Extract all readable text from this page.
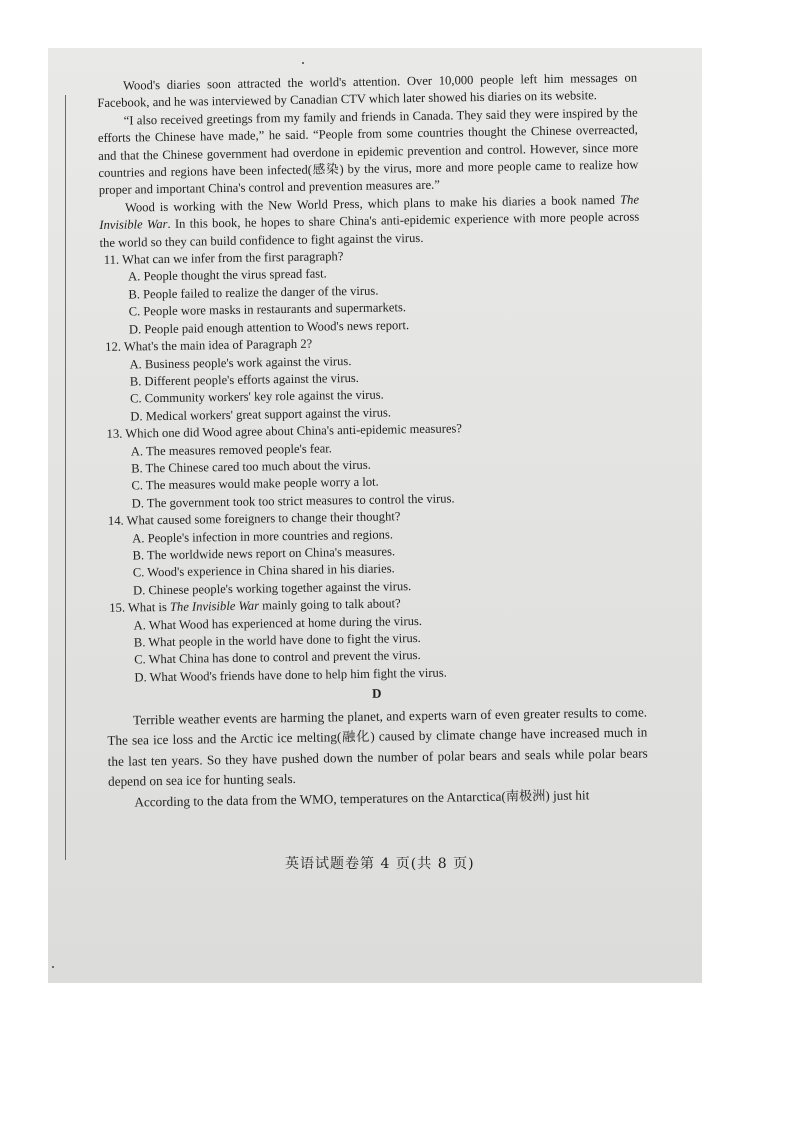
Wood's diaries soon attracted the world's attention. Over 10,000 people left him messages on Facebook, and he was interviewed by Canadian CTV which later showed his diaries on its website.

“I also received greetings from my family and friends in Canada. They said they were inspired by the efforts the Chinese have made,” he said. “People from some countries thought the Chinese overreacted, and that the Chinese government had overdone in epidemic prevention and control. However, since more countries and regions have been infected(感染) by the virus, more and more people came to realize how proper and important China's control and prevention measures are.”

Wood is working with the New World Press, which plans to make his diaries a book named The Invisible War. In this book, he hopes to share China's anti-epidemic experience with more people across the world so they can build confidence to fight against the virus.

11. What can we infer from the first paragraph?
A. People thought the virus spread fast.
B. People failed to realize the danger of the virus.
C. People wore masks in restaurants and supermarkets.
D. People paid enough attention to Wood's news report.
12. What's the main idea of Paragraph 2?
A. Business people's work against the virus.
B. Different people's efforts against the virus.
C. Community workers' key role against the virus.
D. Medical workers' great support against the virus.
13. Which one did Wood agree about China's anti-epidemic measures?
A. The measures removed people's fear.
B. The Chinese cared too much about the virus.
C. The measures would make people worry a lot.
D. The government took too strict measures to control the virus.
14. What caused some foreigners to change their thought?
A. People's infection in more countries and regions.
B. The worldwide news report on China's measures.
C. Wood's experience in China shared in his diaries.
D. Chinese people's working together against the virus.
15. What is The Invisible War mainly going to talk about?
A. What Wood has experienced at home during the virus.
B. What people in the world have done to fight the virus.
C. What China has done to control and prevent the virus.
D. What Wood's friends have done to help him fight the virus.
D

Terrible weather events are harming the planet, and experts warn of even greater results to come. The sea ice loss and the Arctic ice melting(融化) caused by climate change have increased much in the last ten years. So they have pushed down the number of polar bears and seals while polar bears depend on sea ice for hunting seals.

According to the data from the WMO, temperatures on the Antarctica(南极洲) just hit

英语试题卷第 4 页(共 8 页)
